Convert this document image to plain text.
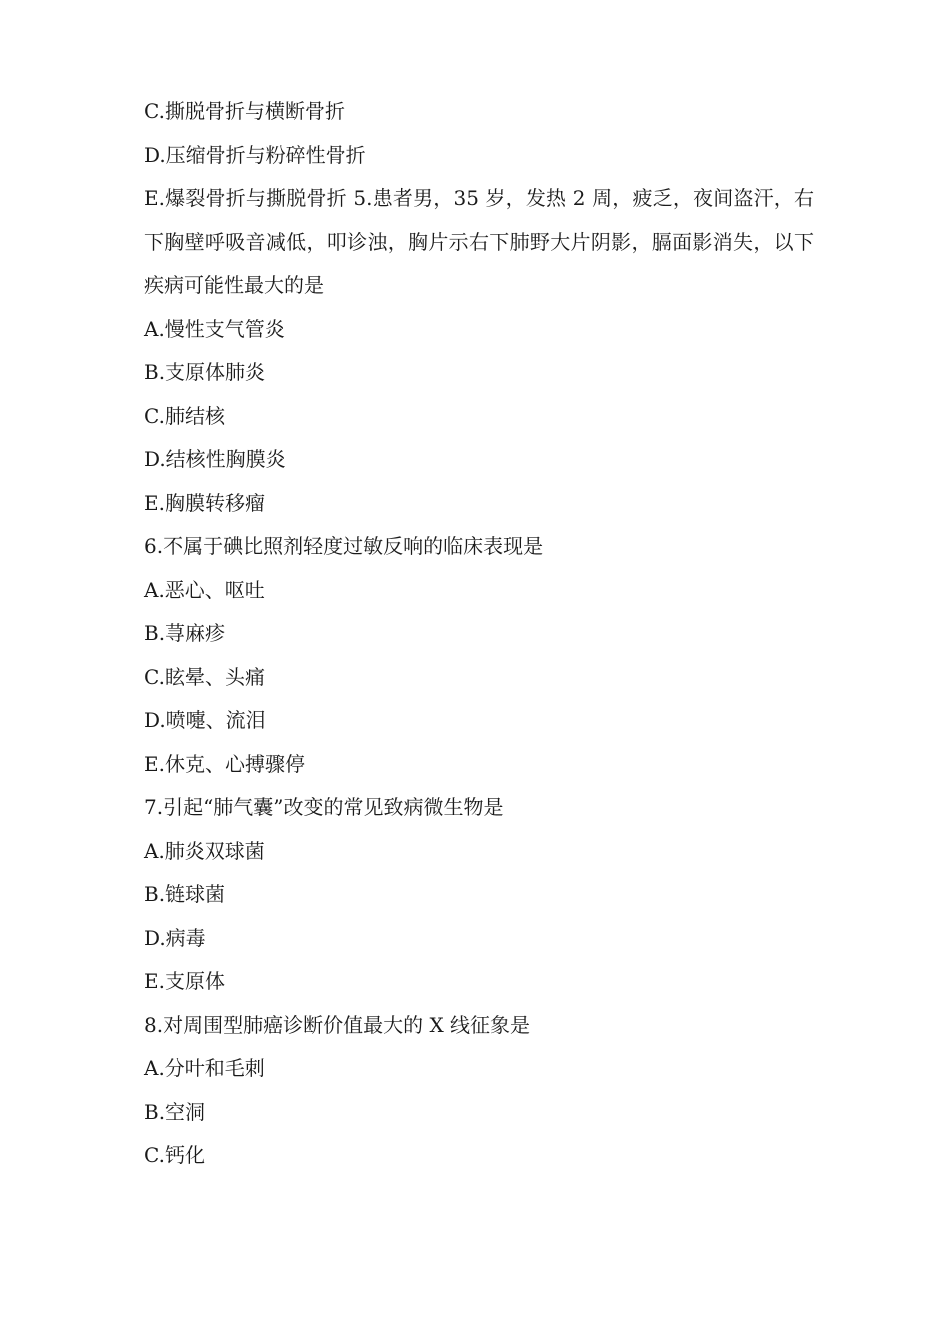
C.撕脱骨折与横断骨折

D.压缩骨折与粉碎性骨折

E.爆裂骨折与撕脱骨折 5.患者男，35 岁，发热 2 周，疲乏，夜间盗汗，右下胸壁呼吸音减低，叩诊浊，胸片示右下肺野大片阴影，膈面影消失，以下疾病可能性最大的是

A.慢性支气管炎

B.支原体肺炎

C.肺结核

D.结核性胸膜炎

E.胸膜转移瘤

6.不属于碘比照剂轻度过敏反响的临床表现是

A.恶心、呕吐

B.荨麻疹

C.眩晕、头痛

D.喷嚏、流泪

E.休克、心搏骤停

7.引起“肺气囊”改变的常见致病微生物是

A.肺炎双球菌

B.链球菌

D.病毒

E.支原体

8.对周围型肺癌诊断价值最大的 X 线征象是

A.分叶和毛刺

B.空洞

C.钙化
